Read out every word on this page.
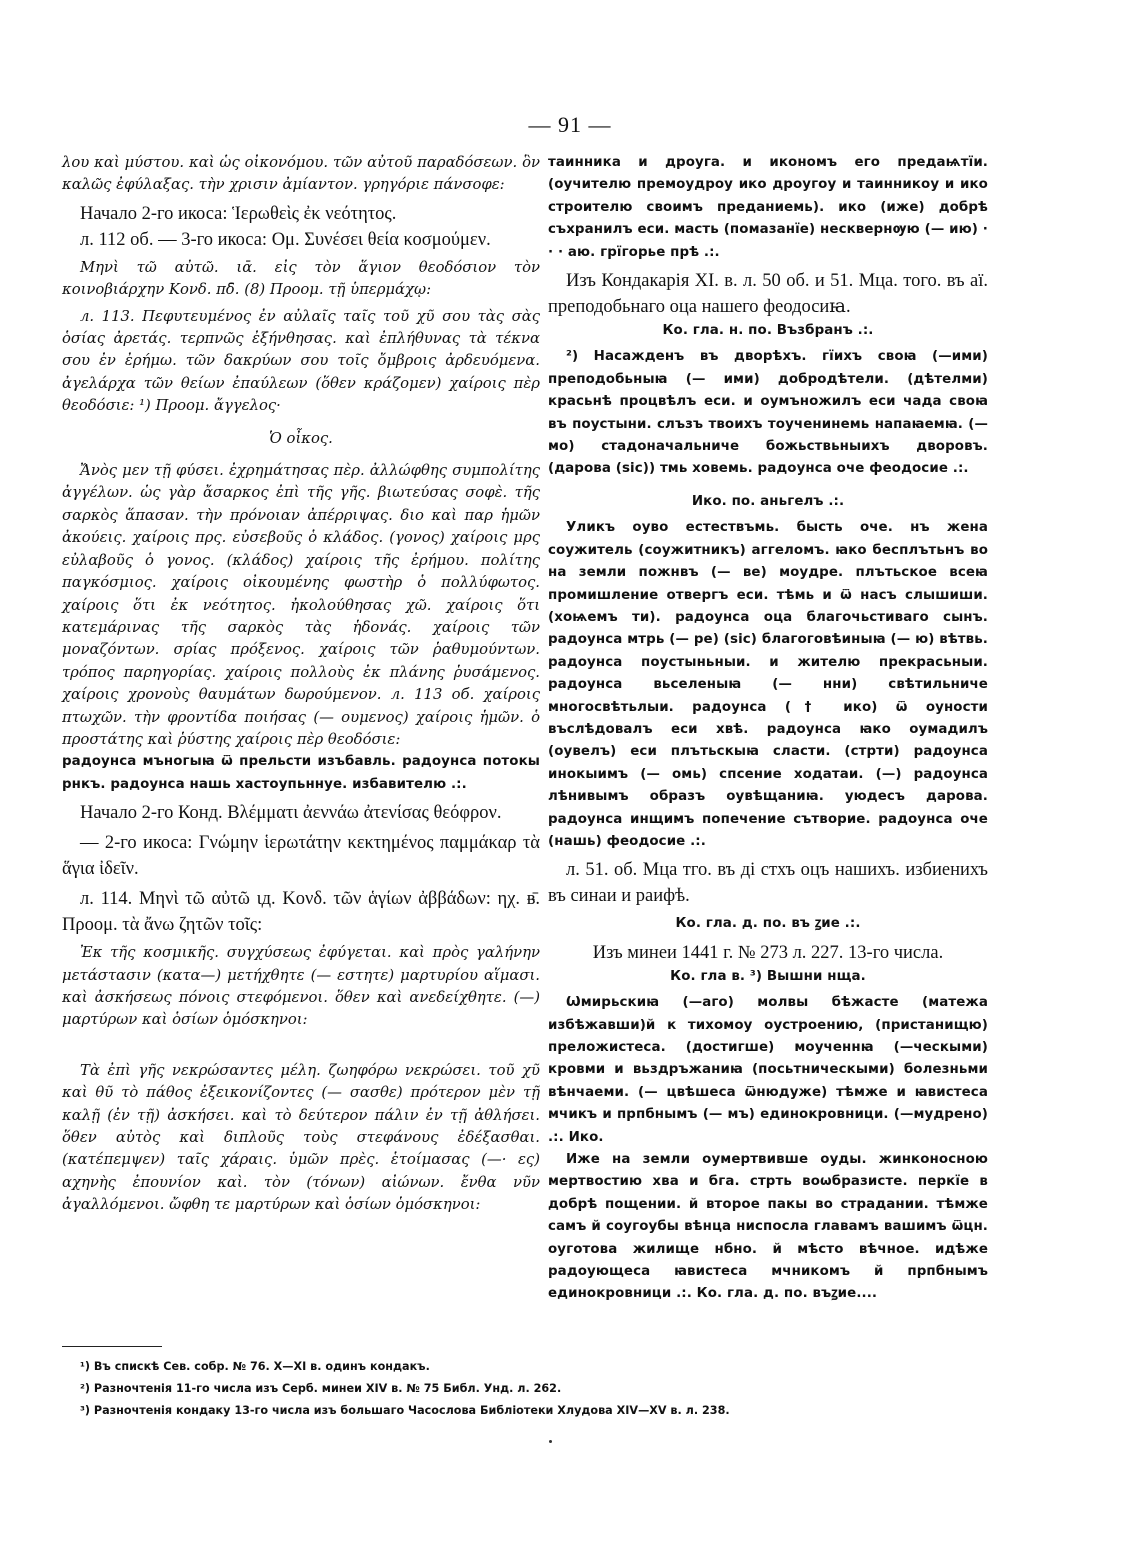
— 91 —

λου καὶ μύστου. καὶ ὡς οἰκονόμου. τῶν αὐτοῦ παραδόσεων. ὃν καλῶς ἐφύλαξας. τὴν χρισιν ἀμίαντον. γρηγόριε πάνσοφε:

Начало 2-го икоса: Ἱερωθεὶς ἐκ νεότητος.

л. 112 об. — 3-го икоса: Ομ. Συνέσει θεία κοσμούμεν.

Μηνὶ τῶ αὐτῶ. ιᾱ. εἰς τὸν ἅγιον θεοδόσιον τὸν κοινοβιάρχην Κονδ. πδ̄. (8) Προομ. τῇ ὑπερμάχῳ:

л. 113. Πεφυτευμένος ἐν αὐλαῖς ταῖς τοῦ χῦ σου τὰς σὰς ὁσίας ἀρετάς. τερπνῶς ἐξήνθησας. καὶ ἐπλήθυνας τὰ τέκνα σου ἐν ἐρήμω. τῶν δακρύων σου τοῖς ὄμβροις ἀρδευόμενα. ἀγελάρχα τῶν θείων ἐπαύλεων (ὅθεν κράζομεν) χαίροις πὲρ θεοδόσιε: ¹) Προομ. ἄγγελος·

Ὁ οἶκος.

Ἄνὸς μεν τῇ φύσει. ἐχρημάτησας πὲρ. ἀλλώφθης συμπολίτης ἀγγέλων. ὡς γὰρ ἄσαρκος ἐπὶ τῆς γῆς. βιωτεύσας σοφὲ. τῆς σαρκὸς ἅπασαν. τὴν πρόνοιαν ἀπέρριψας. διο καὶ παρ ἡμῶν ἀκούεις. χαίροις πρς. εὐσεβοῦς ὁ κλάδος. (γονος) χαίροις μρς εὐλαβοῦς ὁ γονος. (κλάδος) χαίροις τῆς ἐρήμου. πολίτης παγκόσμιος. χαίροις οἰκουμένης φωστὴρ ὁ πολλύφωτος. χαίροις ὅτι ἐκ νεότητος. ἠκολούθησας χῶ. χαίροις ὅτι κατεμάρινας τῆς σαρκὸς τὰς ἡδονάς. χαίροις τῶν μοναζόντων. σρίας πρόξενος. χαίροις τῶν ῥαθυμούντων. τρόπος παρηγορίας. χαίροις πολλοὺς ἐκ πλάνης ῥυσάμενος. χαίροις χρονοὺς θαυμάτων δωρούμενον. л. 113 об. χαίροις πτωχῶν. τὴν φροντίδα ποιήσας (— ουμενος) χαίροις ἡμῶν. ὁ προστάτης καὶ ῥύστης χαίροις πὲρ θεοδόσιε:

радоунса мъногыꙗ ѿ прельсти изъбавль. радоунса потокы рнкъ. радоунса нашь хастоупьннуе. избавителю .:.

Начало 2-го Конд. Βλέμματι ἀεννάω ἀτενίσας θεόφρον.

— 2-го икоса: Γνώμην ἱερωτάτην κεκτημένος παμμάκαρ τὰ ἅγια ἰδεῖν.

л. 114. Μηνὶ τῶ αὐτῶ ιд. Κονδ. τῶν ἁγίων ἀββάδων: ηχ. ᴃ̄. Προομ. τὰ ἄνω ζητῶν τοῖς:

Ἐκ τῆς κοσμικῆς. συγχύσεως ἐφύγεται. καὶ πρὸς γαλήνην μετάστασιν (κατα—) μετήχθητε (— εστητε) μαρτυρίου αἵμασι. καὶ ἀσκήσεως πόνοις στεφόμενοι. ὅθεν καὶ ανεδείχθητε. (—) μαρτύρων καὶ ὁσίων ὁμόσκηνοι:

Τὰ ἐπὶ γῆς νεκρώσαντες μέλη. ζωηφόρω νεκρώσει. τοῦ χῦ καὶ θῦ τὸ πάθος ἐξεικονίζοντες (— σασθε) πρότερον μὲν τῇ καλῇ (ἐν τῇ) ἀσκήσει. καὶ τὸ δεύτερον πάλιν ἐν τῇ ἀθλήσει. ὅθεν αὐτὸς καὶ διπλοῦς τοὺς στεφάνους ἐδέξασθαι. (κατέπεμψεν) ταῖς χάραις. ὑμῶν πρὲς. ἑτοίμασας (—· ες) αχηνὴς ἐπουνίον καὶ. τὸν (τόνων) αἰώνων. ἔνθα νῦν ἀγαλλόμενοι. ὤφθη τε μαρτύρων καὶ ὁσίων ὁμόσκηνοι:

таинника и дроуга. и икономъ его предаѩтїи. (оучителю премоудроу ико дроугоу и таинникоу и ико строителю своимъ преданиемь). ико (иже) добрѣ съхранилъ еси. масть (помазанїе) несквернѹю (— ию) · · · аю. грїгорье прѣ .:.

Изъ Кондакарія XI. в. л. 50 об. и 51. Мца. того. въ аї. преподобьнаго оца нашего феодосиꙗ.

Ко. гла. н. по. Възбранъ .:.

²) Насажденъ въ дворѣхъ. гїихъ своꙗ (—ими) преподобьныꙗ (— ими) добродѣтели. (дѣтелми) красьнѣ процвѣлъ еси. и оумъножилъ еси чада своꙗ въ поустыни. слъзъ твоихъ тоученинемь напаꙗемꙗ. (— мо) стадоначальниче божьствьныихъ дворовъ. (дарова (sic)) тмь ховемь. радоунса оче феодосие .:.

Ико. по. аньгелъ .:.

Уликъ оуво естествъмь. бысть оче. нъ жена соужитель (соужитникъ) аггеломъ. ꙗко бесплътьнъ во на земли пожнвъ (— ве) моудре. плътьское всеꙗ промишление отвергъ еси. тѣмь и ѿ насъ слышиши. (хоѩемъ ти). радоунса оца благочьстиваго сынъ. радоунса мтрь (— ре) (sic) благоговѣиныꙗ (— ю) вѣтвь. радоунса поустыньныи. и жителю прекрасьныи. радоунса вьселеныꙗ (— нни) свѣтильниче многосвѣтьлыи. радоунса († ико) ѿ оуности въслѣдовалъ еси хвѣ. радоунса ꙗко оумадилъ (оувелъ) еси плътьскыꙗ сласти. (стрти) радоунса инокыимъ (— омь) спсение ходатаи. (—) радоунса лѣнивымъ образъ оувѣщаниꙗ. уюдесъ дарова. радоунса инщимъ попечение сътворие. радоунса оче (нашь) феодосие .:.

л. 51. об. Мца тго. въ ді стхъ оцъ нашихъ. избиенихъ въ синаи и раифѣ.

Ко. гла. д. по. въ ꙁие .:.

Изъ минеи 1441 г. № 273 л. 227. 13-го числа.

Ко. гла в. ³) Вышни нща.

Ѡмирьскиꙗ (—аго) молвы бѣжасте (матежа избѣжавши)й к тихомоу оустроению, (пристанищю) преложистеса. (достигше) моученнꙗ (—ческыми) кровми и вьздръжаниꙗ (посьтническыми) болезньми вѣнчаеми. (— цвѣшеса ѿнюдуже) тѣмже и ꙗвистеса мчикъ и прпбнымъ (— мъ) единокровници. (—мудрено) .:. Ико.

Иже на земли оумертвивше оуды. жинконосною мертвостию хва и бга. стрть воѡбразисте. перкїе в добрѣ пощении. й второе пакы во страдании. тѣмже самъ й соугоубы вѣнца ниспосла главамъ вашимъ ѿцн. оуготова жилище нбно. й мѣсто вѣчное. идѣже радоующеса ꙗвистеса мчникомъ й прпбнымъ единокровници .:. Ко. гла. д. по. въꙁие....

¹) Въ спискѣ Сев. собр. № 76. X—XI в. одинъ кондакъ.
²) Разночтенія 11-го числа изъ Серб. минеи XIV в. № 75 Библ. Унд. л. 262.
³) Разночтенія кондаку 13-го числа изъ большаго Часослова Библіотеки Хлудова XIV—XV в. л. 238.
